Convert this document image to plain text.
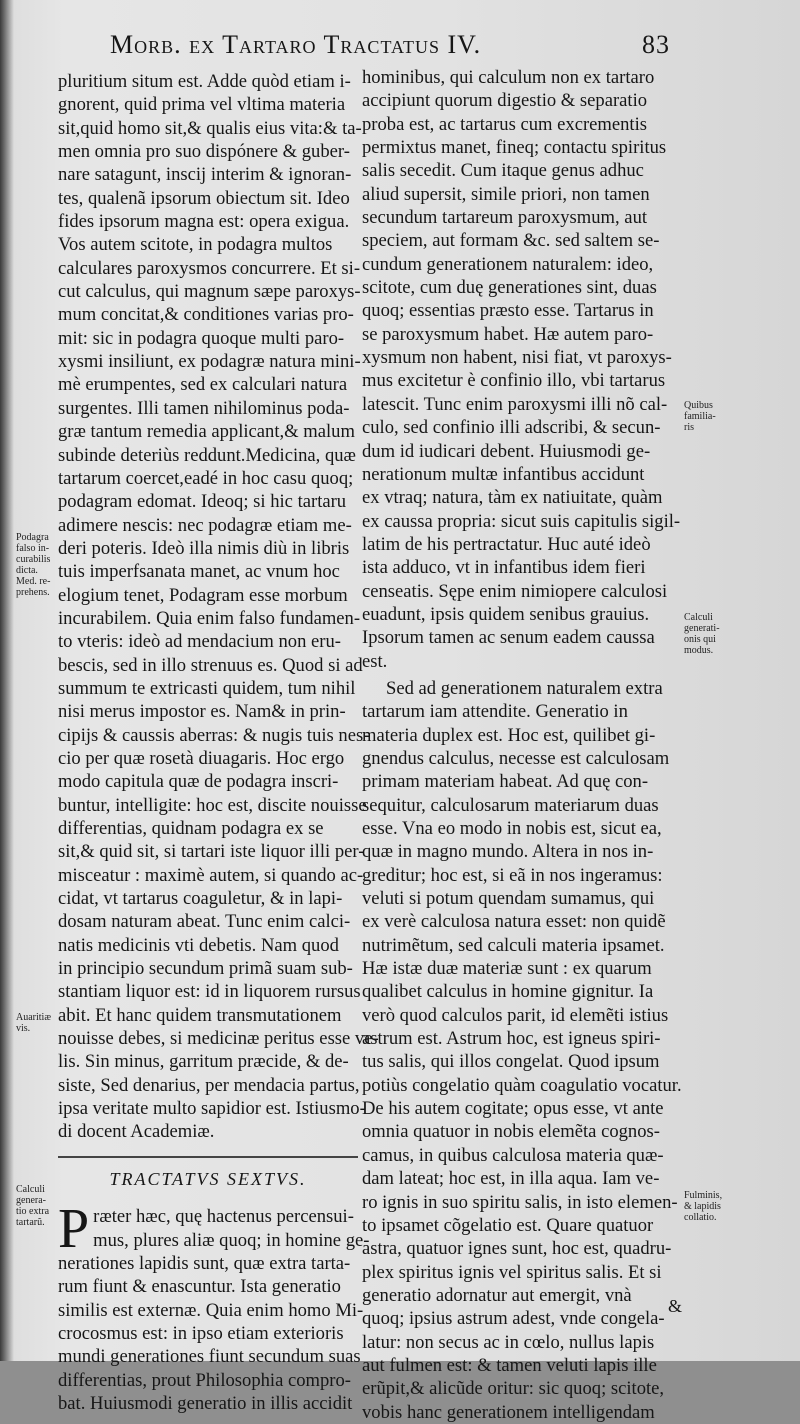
Morb. ex Tartaro Tractatus IV.	83
pluritium situm est. Adde quòd etiam i-
gnorent, quid prima vel vltima materia
sit,quid homo sit,& qualis eius vita:& ta-
men omnia pro suo dispónere & guber-
nare satagunt, inscij interim & ignoran-
tes, qualenã ipsorum obiectum sit. Ideo
fides ipsorum magna est: opera exigua.
Vos autem scitote, in podagra multos
calculares paroxysmos concurrere. Et si-
cut calculus, qui magnum sæpe paroxys-
mum concitat,& conditiones varias pro-
mit: sic in podagra quoque multi paro-
xysmi insiliunt, ex podagræ natura mini-
mè erumpentes, sed ex calculari natura
surgentes. Illi tamen nihilominus poda-
græ tantum remedia applicant,& malum
subinde deteriùs reddunt.Medicina, quæ
tartarum coercet,eadé in hoc casu quoq;
podagram edomat. Ideoq; si hic tartaru
adimere nescis: nec podagræ etiam me-
deri poteris. Ideò illa nimis diù in libris
tuis imperfsanata manet, ac vnum hoc
elogium tenet, Podagram esse morbum
incurabilem. Quia enim falso fundamen-
to vteris: ideò ad mendacium non eru-
bescis, sed in illo strenuus es. Quod si ad
summum te extricasti quidem, tum nihil
nisi merus impostor es. Nam& in prin-
cipijs & caussis aberras: & nugis tuis nes-
cio per quæ rosetà diuagaris. Hoc ergo
modo capitula quæ de podagra inscri-
buntur, intelligite: hoc est, discite nouisse
differentias, quidnam podagra ex se
sit,& quid sit, si tartari iste liquor illi per-
misceatur : maximè autem, si quando ac-
cidat, vt tartarus coaguletur, & in lapi-
dosam naturam abeat. Tunc enim calci-
natis medicinis vti debetis. Nam quod
in principio secundum primã suam sub-
stantiam liquor est: id in liquorem rursus
abit. Et hanc quidem transmutationem
nouisse debes, si medicinæ peritus esse ve-
lis. Sin minus, garritum præcide, & de-
siste, Sed denarius, per mendacia partus,
ipsa veritate multo sapidior est. Istiusmo-
di docent Academiæ.
TRACTATVS SEXTVS.
P ræter hæc, quę hactenus percensui-
mus, plures aliæ quoq; in homine ge-
nerationes lapidis sunt, quæ extra tarta-
rum fiunt & enascuntur. Ista generatio
similis est externæ. Quia enim homo Mi-
crocosmus est: in ipso etiam exterioris
mundi generationes fiunt secundum suas
differentias, prout Philosophia compro-
bat. Huiusmodi generatio in illis accidit
hominibus, qui calculum non ex tartaro
accipiunt quorum digestio & separatio
proba est, ac tartarus cum excrementis
permixtus manet, fineq; contactu spiritus
salis secedit. Cum itaque genus adhuc
aliud supersit, simile priori, non tamen
secundum tartareum paroxysmum, aut
speciem, aut formam &c. sed saltem se-
cundum generationem naturalem: ideo,
scitote, cum duę generationes sint, duas
quoq; essentias præsto esse. Tartarus in
se paroxysmum habet. Hæ autem paro-
xysmum non habent, nisi fiat, vt paroxys-
mus excitetur è confinio illo, vbi tartarus
latescit. Tunc enim paroxysmi illi nõ cal-
culo, sed confinio illi adscribi, & secun-
dum id iudicari debent. Huiusmodi ge-
nerationum multæ infantibus accidunt
ex vtraq; natura, tàm ex natiuitate, quàm
ex caussa propria: sicut suis capitulis sigil-
latim de his pertractatur. Huc auté ideò
ista adduco, vt in infantibus idem fieri
censeatis. Sępe enim nimiopere calculosi
euadunt, ipsis quidem senibus grauius.
Ipsorum tamen ac senum eadem caussa
est.
Sed ad generationem naturalem extra
tartarum iam attendite. Generatio in
materia duplex est. Hoc est, quilibet gi-
gnendus calculus, necesse est calculosam
primam materiam habeat. Ad quę con-
sequitur, calculosarum materiarum duas
esse. Vna eo modo in nobis est, sicut ea,
quæ in magno mundo. Altera in nos in-
greditur; hoc est, si eã in nos ingeramus:
veluti si potum quendam sumamus, qui
ex verè calculosa natura esset: non quidẽ
nutrimẽtum, sed calculi materia ipsamet.
Hæ istæ duæ materiæ sunt : ex quarum
qualibet calculus in homine gignitur. Ia
verò quod calculos parit, id elemẽti istius
astrum est. Astrum hoc, est igneus spiri-
tus salis, qui illos congelat. Quod ipsum
potiùs congelatio quàm coagulatio vocatur.
De his autem cogitate; opus esse, vt ante
omnia quatuor in nobis elemẽta cognos-
camus, in quibus calculosa materia quæ-
dam lateat; hoc est, in illa aqua. Iam ve-
ro ignis in suo spiritu salis, in isto elemen-
to ipsamet cõgelatio est. Quare quatuor
astra, quatuor ignes sunt, hoc est, quadru-
plex spiritus ignis vel spiritus salis. Et si
generatio adornatur aut emergit, vnà
quoq; ipsius astrum adest, vnde congela-
latur: non secus ac in cœlo, nullus lapis
aut fulmen est: & tamen veluti lapis ille
erũpit,& alicũde oritur: sic quoq; scitote,
vobis hanc generationem intelligendam
Podagra
falso in-
curabilis
dicta.
Med. re-
prehens.
Auaritiæ
vis.
Calculi
genera-
tio extra
tartarũ.
Quibus
familia-
ris
Calculi
generati-
onis qui
modus.
Fulminis,
& lapidis
collatio.
&
